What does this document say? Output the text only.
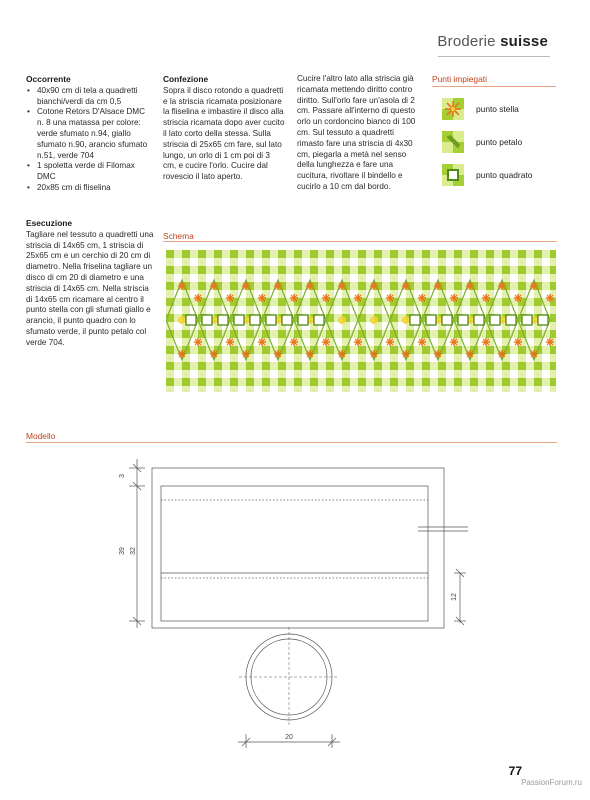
Broderie suisse
Occorrente
• 40x90 cm di tela a quadretti bianchi/verdi da cm 0,5
• Cotone Retors D'Alsace DMC n. 8 una matassa per colore: verde sfumato n.94, giallo sfumato n.90, arancio sfumato n.51, verde 704
• 1 spoletta verde di Filomax DMC
• 20x85 cm di fliselina
Esecuzione

Tagliare nel tessuto a quadretti una striscia di 14x65 cm, 1 striscia di 25x65 cm e un cerchio di 20 cm di diametro. Nella friselina tagliare un disco di cm 20 di diametro e una striscia di 14x65 cm. Nella striscia di 14x65 cm ricamare al centro il punto stella con gli sfumati giallo e arancio, il punto quadro con lo sfumato verde, il punto petalo col verde 704.

Confezione

Sopra il disco rotondo a quadretti e la striscia ricamata posizionare la fliselina e imbastire il disco alla striscia ricamata dopo aver cucito il lato corto della stessa. Sulla striscia di 25x65 cm fare, sul lato lungo, un orlo di 1 cm poi di 3 cm, e cucire l'orlo. Cucire dal rovescio il lato aperto.

Cucire l'altro lato alla striscia già ricamata mettendo diritto contro diritto. Sull'orlo fare un'asola di 2 cm. Passare all'interno di questo orlo un cordoncino bianco di 100 cm. Sul tessuto a quadretti rimasto fare una striscia di 4x30 cm, piegarla a metà nel senso della lunghezza e fare una cucitura, rivoltare il bindello e cucirlo a 10 cm dal bordo.

Punti impiegati
punto stella
punto petalo
punto quadrato
Schema
Modello
3
39 32
12
20
77
PassionForum.ru
